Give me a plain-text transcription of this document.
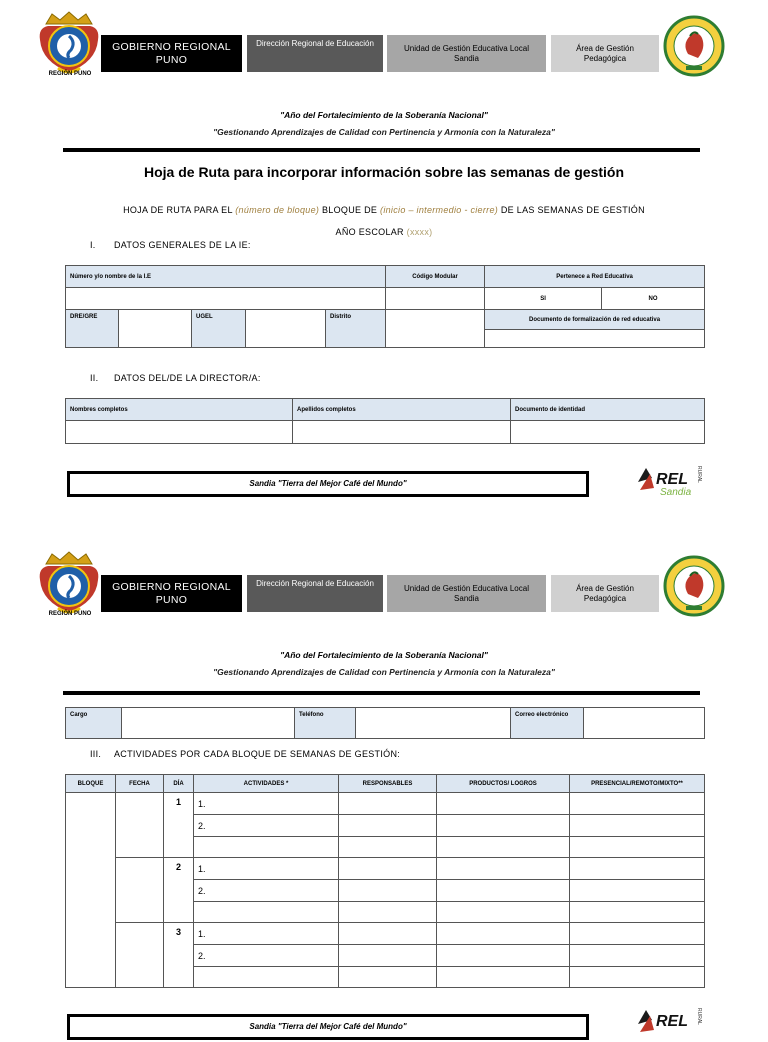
REGIÓN PUNO
GOBIERNO REGIONAL PUNO
Dirección Regional de Educación
Unidad de Gestión Educativa Local Sandia
Área de Gestión Pedagógica
"Año del Fortalecimiento de la Soberanía Nacional"
"Gestionando Aprendizajes de Calidad con Pertinencia y Armonía con la Naturaleza"
Hoja de Ruta para incorporar información sobre las semanas de gestión
HOJA DE RUTA PARA EL (número de bloque) BLOQUE DE (inicio – intermedio - cierre) DE LAS SEMANAS DE GESTIÓN
AÑO ESCOLAR (xxxx)
I. DATOS GENERALES DE LA IE:
Número y/o nombre de la I.E					Código Modular	Pertenece a Red Educativa	
						SI	NO
DRE/GRE		UGEL		Distrito		Documento de formalización de red educativa	

II. DATOS DEL/DE LA DIRECTOR/A:
Nombres completos	Apellidos completos	Documento de identidad

Sandia "Tierra del Mejor Café del Mundo"	REL
Sandia
RURAL
REGIÓN PUNO
GOBIERNO REGIONAL PUNO
Dirección Regional de Educación
Unidad de Gestión Educativa Local Sandia
Área de Gestión Pedagógica
"Año del Fortalecimiento de la Soberanía Nacional"
"Gestionando Aprendizajes de Calidad con Pertinencia y Armonía con la Naturaleza"
Cargo		Teléfono		Correo electrónico	
III. ACTIVIDADES POR CADA BLOQUE DE SEMANAS DE GESTIÓN:
BLOQUE	FECHA	DÍA	ACTIVIDADES *	RESPONSABLES	PRODUCTOS/ LOGROS	PRESENCIAL/REMOTO/MIXTO**
		1	1.			
			2.			

		2	1.			
			2.			

		3	1.			
			2.			

Sandia "Tierra del Mejor Café del Mundo"	REL RURAL
